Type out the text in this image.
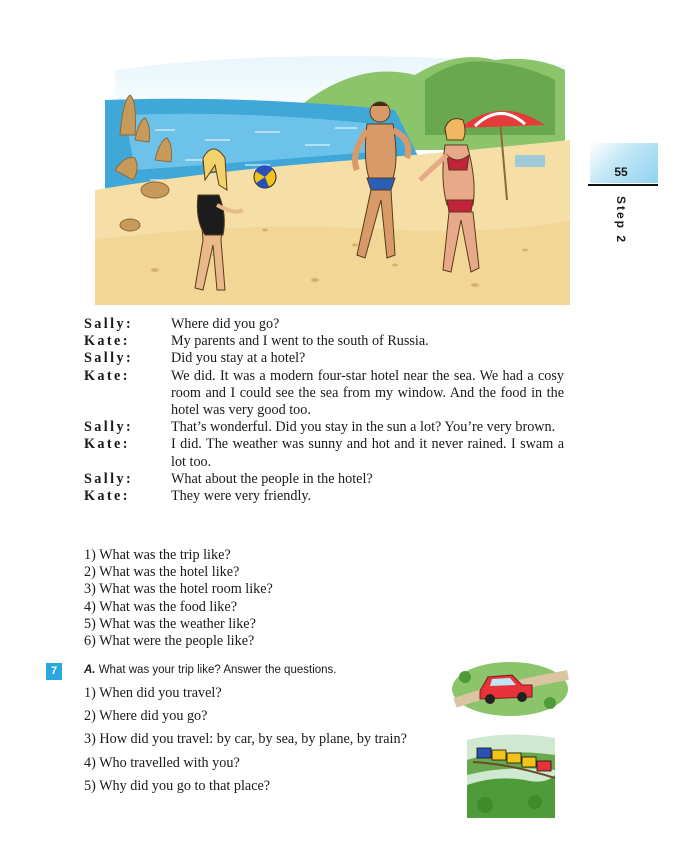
55
Step 2
Sally:	Where did you go?
Kate:	My parents and I went to the south of Russia.
Sally:	Did you stay at a hotel?
Kate:	We did. It was a modern four-star hotel near the sea. We had a cosy room and I could see the sea from my window. And the food in the hotel was very good too.
Sally:	That’s wonderful. Did you stay in the sun a lot? You’re very brown.
Kate:	I did. The weather was sunny and hot and it never rained. I swam a lot too.
Sally:	What about the people in the hotel?
Kate:	They were very friendly.
1) What was the trip like?
2) What was the hotel like?
3) What was the hotel room like?
4) What was the food like?
5) What was the weather like?
6) What were the people like?
7	A. What was your trip like? Answer the questions.
1) When did you travel?
2) Where did you go?
3) How did you travel: by car, by sea, by plane, by train?
4) Who travelled with you?
5) Why did you go to that place?
